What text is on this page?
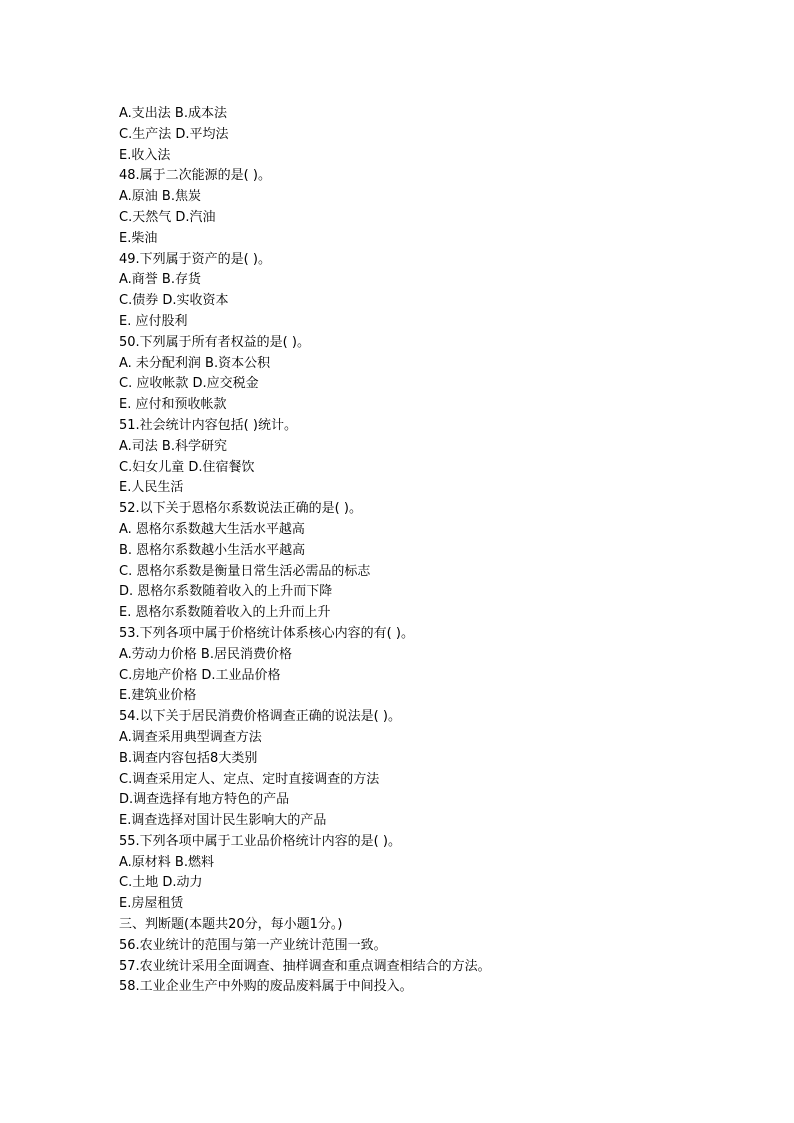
A.支出法 B.成本法
C.生产法 D.平均法
E.收入法
48.属于二次能源的是( )。
A.原油 B.焦炭
C.天然气 D.汽油
E.柴油
49.下列属于资产的是( )。
A.商誉 B.存货
C.债券 D.实收资本
E. 应付股利
50.下列属于所有者权益的是( )。
A. 未分配利润 B.资本公积
C. 应收帐款 D.应交税金
E. 应付和预收帐款
51.社会统计内容包括( )统计。
A.司法 B.科学研究
C.妇女儿童 D.住宿餐饮
E.人民生活
52.以下关于恩格尔系数说法正确的是( )。
A. 恩格尔系数越大生活水平越高
B. 恩格尔系数越小生活水平越高
C. 恩格尔系数是衡量日常生活必需品的标志
D. 恩格尔系数随着收入的上升而下降
E. 恩格尔系数随着收入的上升而上升
53.下列各项中属于价格统计体系核心内容的有( )。
A.劳动力价格 B.居民消费价格
C.房地产价格 D.工业品价格
E.建筑业价格
54.以下关于居民消费价格调查正确的说法是( )。
A.调查采用典型调查方法
B.调查内容包括8大类别
C.调查采用定人、定点、定时直接调查的方法
D.调查选择有地方特色的产品
E.调查选择对国计民生影响大的产品
55.下列各项中属于工业品价格统计内容的是( )。
A.原材料 B.燃料
C.土地 D.动力
E.房屋租赁
三、判断题(本题共20分，每小题1分。)
56.农业统计的范围与第一产业统计范围一致。
57.农业统计采用全面调查、抽样调查和重点调查相结合的方法。
58.工业企业生产中外购的废品废料属于中间投入。
